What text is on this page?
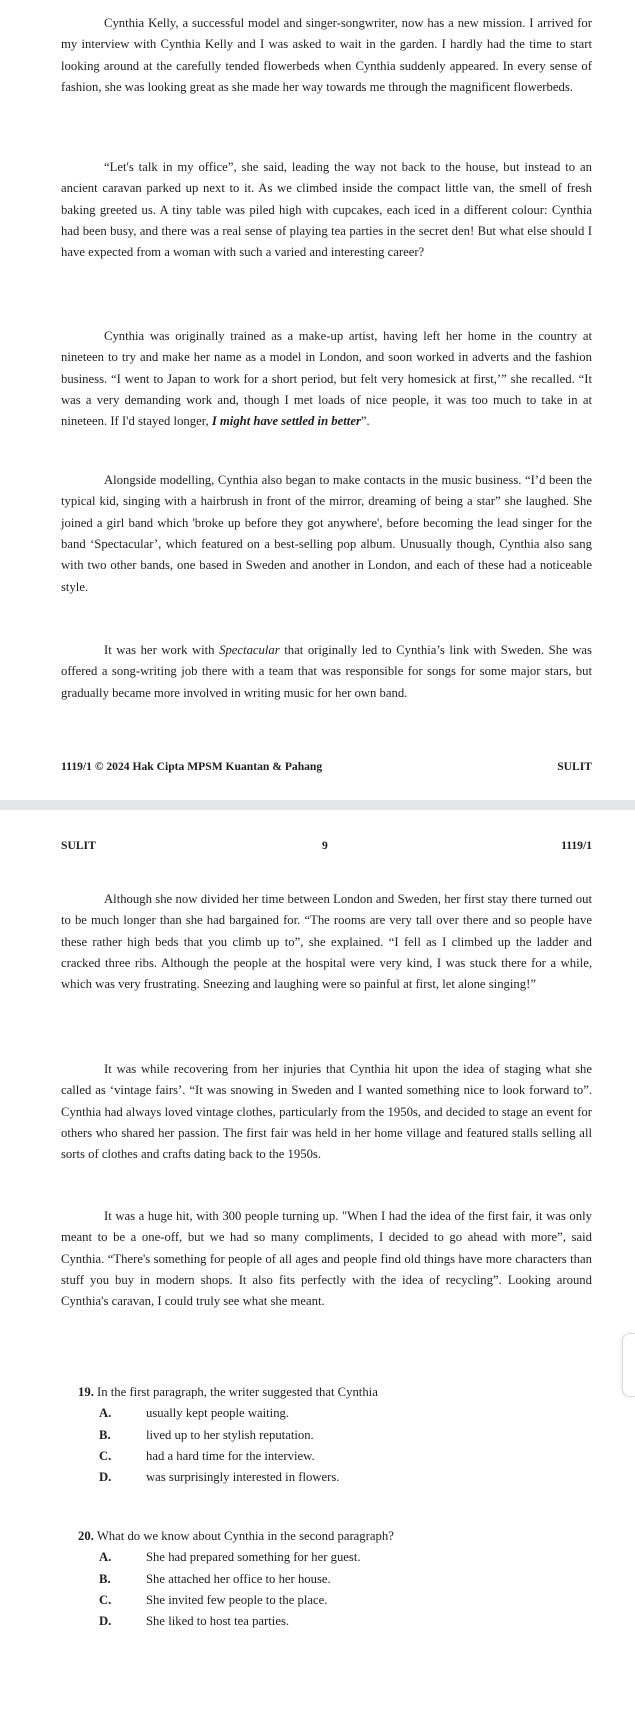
Cynthia Kelly, a successful model and singer-songwriter, now has a new mission. I arrived for my interview with Cynthia Kelly and I was asked to wait in the garden. I hardly had the time to start looking around at the carefully tended flowerbeds when Cynthia suddenly appeared. In every sense of fashion, she was looking great as she made her way towards me through the magnificent flowerbeds.

“Let's talk in my office”, she said, leading the way not back to the house, but instead to an ancient caravan parked up next to it. As we climbed inside the compact little van, the smell of fresh baking greeted us. A tiny table was piled high with cupcakes, each iced in a different colour: Cynthia had been busy, and there was a real sense of playing tea parties in the secret den! But what else should I have expected from a woman with such a varied and interesting career?

Cynthia was originally trained as a make-up artist, having left her home in the country at nineteen to try and make her name as a model in London, and soon worked in adverts and the fashion business. “I went to Japan to work for a short period, but felt very homesick at first,’” she recalled. “It was a very demanding work and, though I met loads of nice people, it was too much to take in at nineteen. If I'd stayed longer, I might have settled in better”.

Alongside modelling, Cynthia also began to make contacts in the music business. “I’d been the typical kid, singing with a hairbrush in front of the mirror, dreaming of being a star” she laughed. She joined a girl band which 'broke up before they got anywhere', before becoming the lead singer for the band ‘Spectacular’, which featured on a best-selling pop album. Unusually though, Cynthia also sang with two other bands, one based in Sweden and another in London, and each of these had a noticeable style.

It was her work with Spectacular that originally led to Cynthia’s link with Sweden. She was offered a song-writing job there with a team that was responsible for songs for some major stars, but gradually became more involved in writing music for her own band.

1119/1 © 2024 Hak Cipta MPSM Kuantan & Pahang	SULIT
SULIT	9	1119/1

Although she now divided her time between London and Sweden, her first stay there turned out to be much longer than she had bargained for. “The rooms are very tall over there and so people have these rather high beds that you climb up to”, she explained. “I fell as I climbed up the ladder and cracked three ribs. Although the people at the hospital were very kind, I was stuck there for a while, which was very frustrating. Sneezing and laughing were so painful at first, let alone singing!”

It was while recovering from her injuries that Cynthia hit upon the idea of staging what she called as ‘vintage fairs’. “It was snowing in Sweden and I wanted something nice to look forward to”. Cynthia had always loved vintage clothes, particularly from the 1950s, and decided to stage an event for others who shared her passion. The first fair was held in her home village and featured stalls selling all sorts of clothes and crafts dating back to the 1950s.

It was a huge hit, with 300 people turning up. "When I had the idea of the first fair, it was only meant to be a one-off, but we had so many compliments, I decided to go ahead with more”, said Cynthia. “There's something for people of all ages and people find old things have more characters than stuff you buy in modern shops. It also fits perfectly with the idea of recycling”. Looking around Cynthia's caravan, I could truly see what she meant.

19. In the first paragraph, the writer suggested that Cynthia
A.	usually kept people waiting.
B.	lived up to her stylish reputation.
C.	had a hard time for the interview.
D.	was surprisingly interested in flowers.
20. What do we know about Cynthia in the second paragraph?
A.	She had prepared something for her guest.
B.	She attached her office to her house.
C.	She invited few people to the place.
D.	She liked to host tea parties.
